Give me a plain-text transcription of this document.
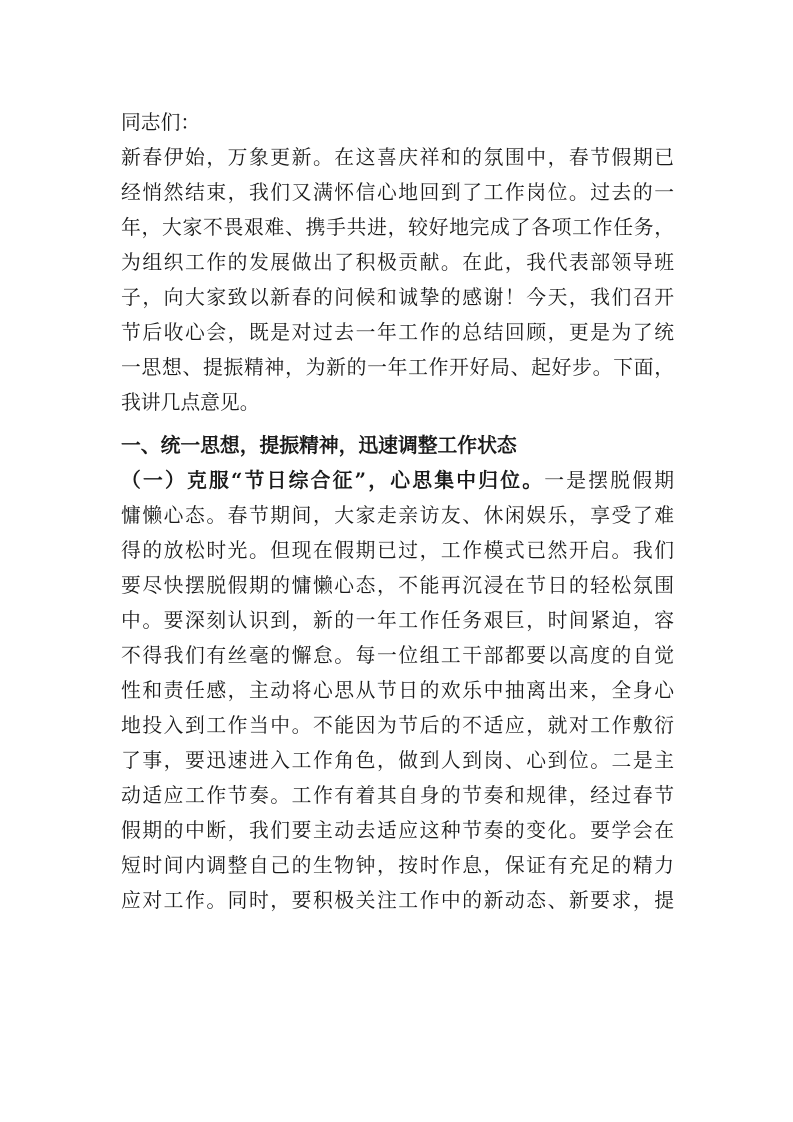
同志们：
新春伊始，万象更新。在这喜庆祥和的氛围中，春节假期已
经悄然结束，我们又满怀信心地回到了工作岗位。过去的一
年，大家不畏艰难、携手共进，较好地完成了各项工作任务，
为组织工作的发展做出了积极贡献。在此，我代表部领导班
子，向大家致以新春的问候和诚挚的感谢！今天，我们召开
节后收心会，既是对过去一年工作的总结回顾，更是为了统
一思想、提振精神，为新的一年工作开好局、起好步。下面，
我讲几点意见。
一、统一思想，提振精神，迅速调整工作状态
（一）克服“节日综合征”，心思集中归位。一是摆脱假期
慵懒心态。春节期间，大家走亲访友、休闲娱乐，享受了难
得的放松时光。但现在假期已过，工作模式已然开启。我们
要尽快摆脱假期的慵懒心态，不能再沉浸在节日的轻松氛围
中。要深刻认识到，新的一年工作任务艰巨，时间紧迫，容
不得我们有丝毫的懈怠。每一位组工干部都要以高度的自觉
性和责任感，主动将心思从节日的欢乐中抽离出来，全身心
地投入到工作当中。不能因为节后的不适应，就对工作敷衍
了事，要迅速进入工作角色，做到人到岗、心到位。二是主
动适应工作节奏。工作有着其自身的节奏和规律，经过春节
假期的中断，我们要主动去适应这种节奏的变化。要学会在
短时间内调整自己的生物钟，按时作息，保证有充足的精力
应对工作。同时，要积极关注工作中的新动态、新要求，提
